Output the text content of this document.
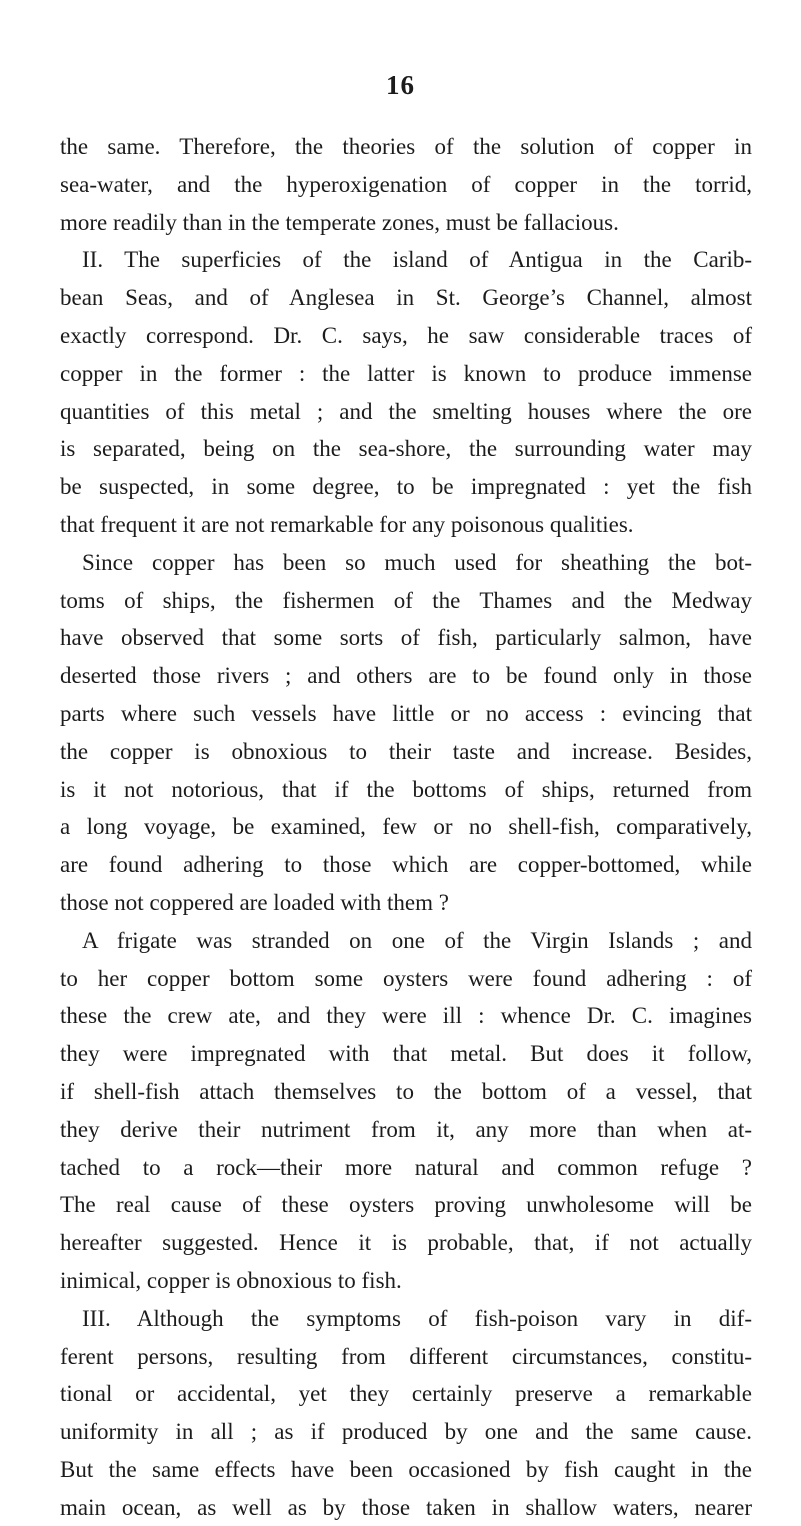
16
the same. Therefore, the theories of the solution of copper in
sea-water, and the hyperoxigenation of copper in the torrid,
more readily than in the temperate zones, must be fallacious.
II. The superficies of the island of Antigua in the Carib-
bean Seas, and of Anglesea in St. George’s Channel, almost
exactly correspond. Dr. C. says, he saw considerable traces of
copper in the former : the latter is known to produce immense
quantities of this metal ; and the smelting houses where the ore
is separated, being on the sea-shore, the surrounding water may
be suspected, in some degree, to be impregnated : yet the fish
that frequent it are not remarkable for any poisonous qualities.
Since copper has been so much used for sheathing the bot-
toms of ships, the fishermen of the Thames and the Medway
have observed that some sorts of fish, particularly salmon, have
deserted those rivers ; and others are to be found only in those
parts where such vessels have little or no access : evincing that
the copper is obnoxious to their taste and increase. Besides,
is it not notorious, that if the bottoms of ships, returned from
a long voyage, be examined, few or no shell-fish, comparatively,
are found adhering to those which are copper-bottomed, while
those not coppered are loaded with them ?
A frigate was stranded on one of the Virgin Islands ; and
to her copper bottom some oysters were found adhering : of
these the crew ate, and they were ill : whence Dr. C. imagines
they were impregnated with that metal. But does it follow,
if shell-fish attach themselves to the bottom of a vessel, that
they derive their nutriment from it, any more than when at-
tached to a rock—their more natural and common refuge ?
The real cause of these oysters proving unwholesome will be
hereafter suggested. Hence it is probable, that, if not actually
inimical, copper is obnoxious to fish.
III. Although the symptoms of fish-poison vary in dif-
ferent persons, resulting from different circumstances, constitu-
tional or accidental, yet they certainly preserve a remarkable
uniformity in all ; as if produced by one and the same cause.
But the same effects have been occasioned by fish caught in the
main ocean, as well as by those taken in shallow waters, nearer
